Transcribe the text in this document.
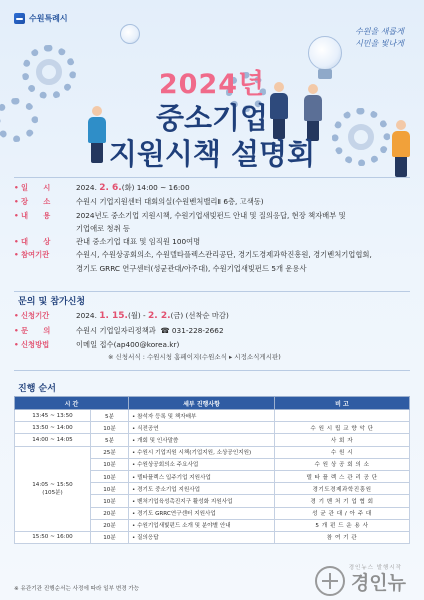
수원특례시
수원을 새롭게
시민을 빛나게
2024년
중소기업
지원시책 설명회
• 일      시	2024. 2. 6.(화) 14:00 ~ 16:00
• 장      소	수원시 기업지원센터 대회의실(수원벤처밸리Ⅱ 6층, 고색동)
• 내      용	2024년도 중소기업 지원시책, 수원기업새빛펀드 안내 및 질의응답, 현장 책자배부 및
기업애로 청취 등
• 대      상	관내 중소기업 대표 및 임직원 100여명
• 참여기관	수원시, 수원상공회의소, 수원델타플렉스관리공단, 경기도경제과학진흥원, 경기벤처기업협회,
경기도 GRRC 연구센터(성균관대/아주대), 수원기업새빛펀드 5개 운용사
문의 및 참가신청
• 신청기간	2024. 1. 15.(월) - 2. 2.(금) (선착순 마감)
• 문      의	수원시 기업일자리정책과  ☎ 031-228-2662
• 신청방법	이메일 접수(ap400@korea.kr)
※ 신청서식 : 수원시청 홈페이지(수원소식 ▸ 시정소식게시판)
진행 순서
시 간		세부 진행사항	비 고
13:45 ~ 13:50	5분	• 참석자 등록 및 책자배부	
13:50 ~ 14:00	10분	• 식전공연	수 원 시 립 교 향 악 단
14:00 ~ 14:05	5분	• 개회 및 인사말씀	사 회 자
14:05 ~ 15:50
(105분)	25분	• 수원시 기업지원 시책(기업지원, 소상공인지원)	수 원 시
	10분	• 수원상공회의소 주요사업	수 원 상 공 회 의 소
	10분	• 델타플렉스 입주기업 지원사업	델 타 플 렉 스 관 리 공 단
	10분	• 경기도 중소기업 지원사업	경기도경제과학진흥원
	10분	• 벤처기업육성촉진지구 활성화 지원사업	경 기 벤 처 기 업 협 회
	20분	• 경기도 GRRC연구센터 지원사업	성 균 관 대 / 아 주 대
	20분	• 수원기업새빛펀드 소개 및 분야별 안내	5 개 펀 드 운 용 사
15:50 ~ 16:00	10분	• 질의응답	참 여 기 관
※ 유관기관 진행순서는 사정에 따라 일부 변경 가능
경인뉴스 발행시작
경인뉴
